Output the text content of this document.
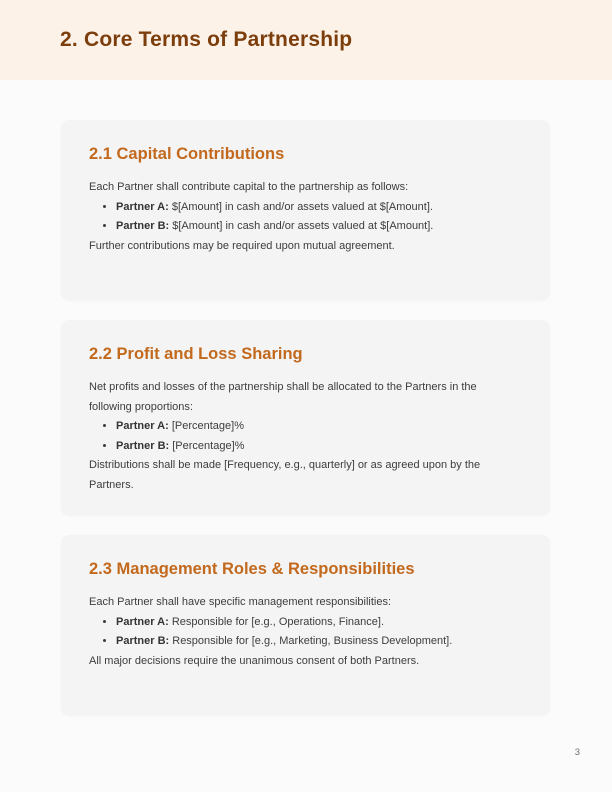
2. Core Terms of Partnership
2.1 Capital Contributions

Each Partner shall contribute capital to the partnership as follows:

• Partner A: $[Amount] in cash and/or assets valued at $[Amount].
• Partner B: $[Amount] in cash and/or assets valued at $[Amount].

Further contributions may be required upon mutual agreement.

2.2 Profit and Loss Sharing

Net profits and losses of the partnership shall be allocated to the Partners in the following proportions:

• Partner A: [Percentage]%
• Partner B: [Percentage]%

Distributions shall be made [Frequency, e.g., quarterly] or as agreed upon by the Partners.

2.3 Management Roles & Responsibilities

Each Partner shall have specific management responsibilities:

• Partner A: Responsible for [e.g., Operations, Finance].
• Partner B: Responsible for [e.g., Marketing, Business Development].

All major decisions require the unanimous consent of both Partners.

3
